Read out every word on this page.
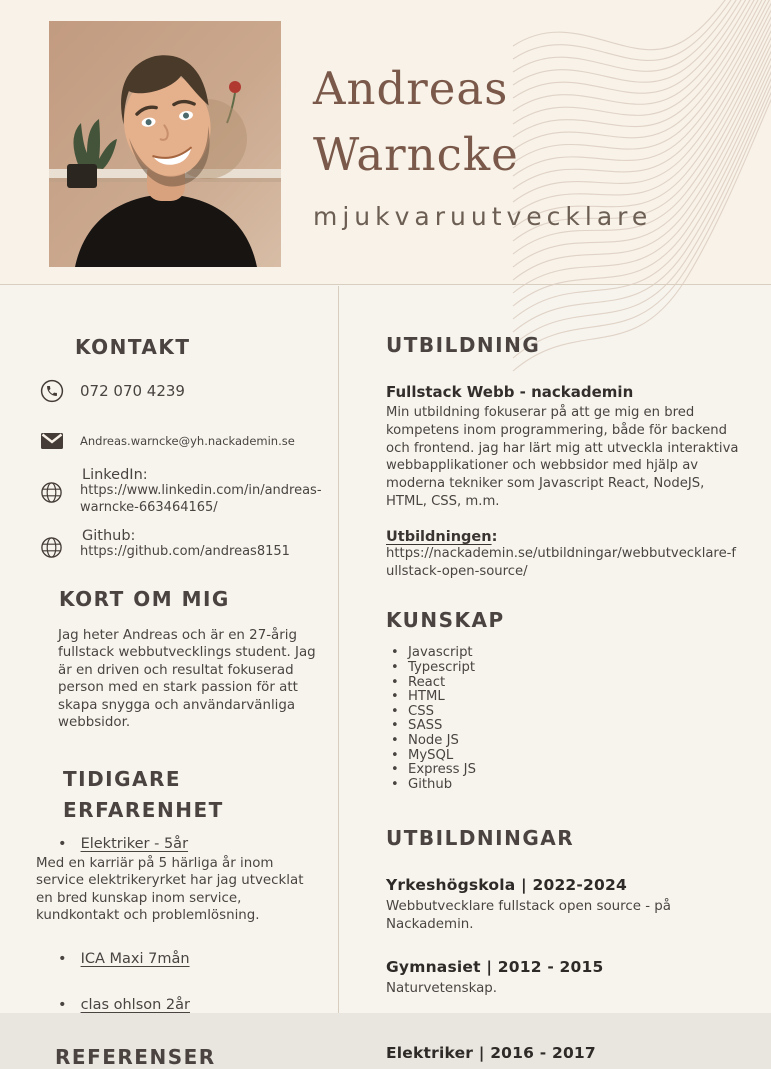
Andreas
Warncke
mjukvaruutvecklare
KONTAKT
072 070 4239
Andreas.warncke@yh.nackademin.se
LinkedIn:
https://www.linkedin.com/in/andreas-warncke-663464165/
Github:
https://github.com/andreas8151
KORT OM MIG

Jag heter Andreas och är en 27-årig fullstack webbutvecklings student. Jag är en driven och resultat fokuserad person med en stark passion för att skapa snygga och användarvänliga webbsidor.

TIDIGARE
ERFARENHET
• Elektriker - 5år

Med en karriär på 5 härliga år inom service elektrikeryrket har jag utvecklat en bred kunskap inom service, kundkontakt och problemlösning.

• ICA Maxi 7mån
• clas ohlson 2år
REFERENSER
UTBILDNING

Fullstack Webb - nackademin

Min utbildning fokuserar på att ge mig en bred kompetens inom programmering, både för backend och frontend. jag har lärt mig att utveckla interaktiva webbapplikationer och webbsidor med hjälp av moderna tekniker som Javascript React, NodeJS, HTML, CSS, m.m.

Utbildningen:

https://nackademin.se/utbildningar/webbutvecklare-fullstack-open-source/

KUNSKAP
• Javascript
• Typescript
• React
• HTML
• CSS
• SASS
• Node JS
• MySQL
• Express JS
• Github
UTBILDNINGAR
Yrkeshögskola | 2022-2024

Webbutvecklare fullstack open source - på Nackademin.

Gymnasiet | 2012 - 2015

Naturvetenskap.

Elektriker | 2016 - 2017
